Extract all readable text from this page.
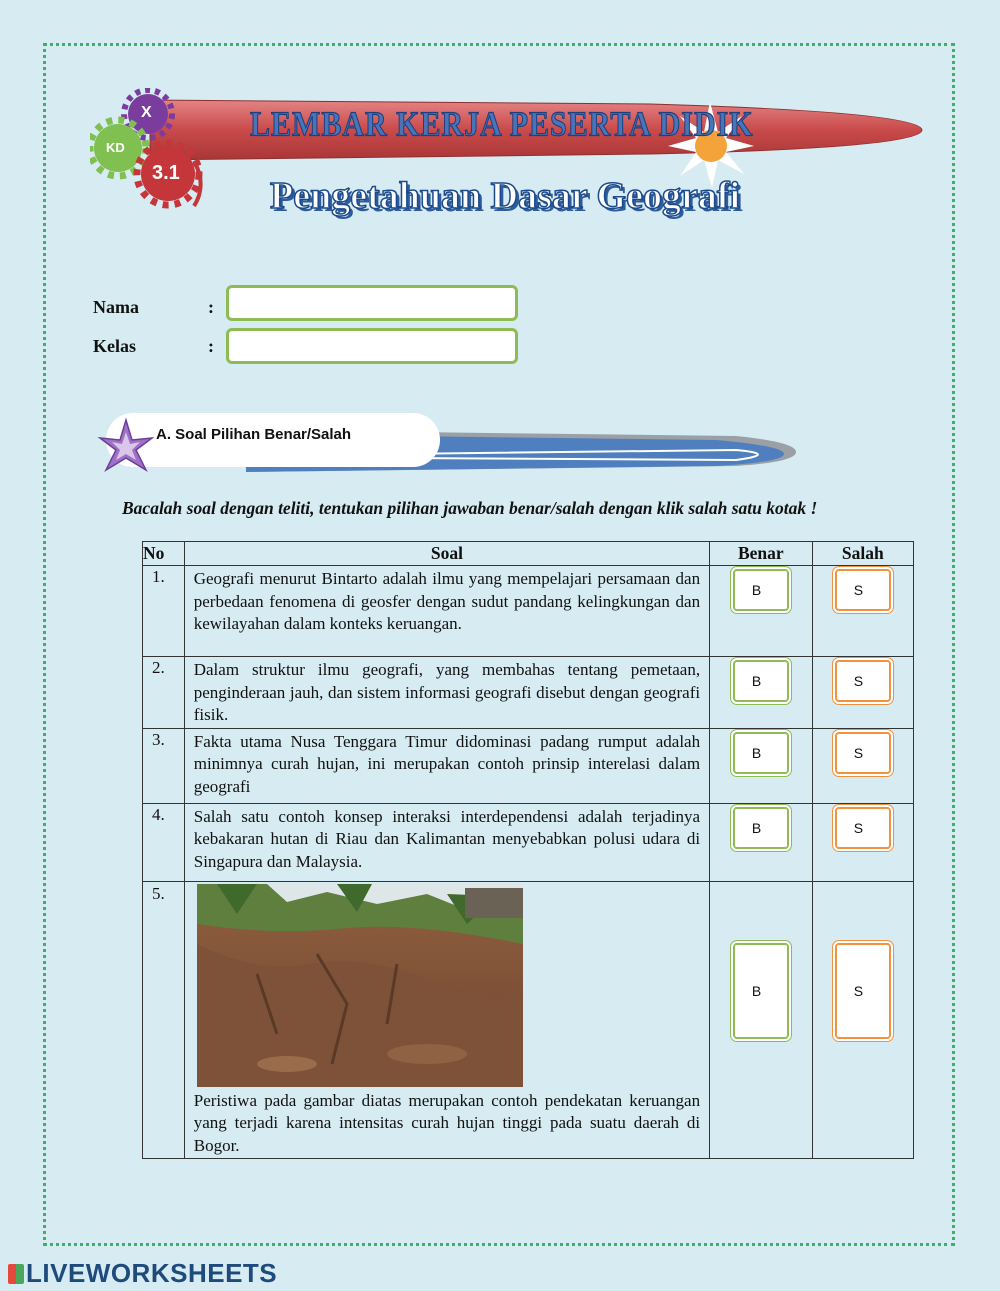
X
KD
3.1
LEMBAR KERJA PESERTA DIDIK
Pengetahuan Dasar Geografi
Nama	:
Kelas	:
A. Soal Pilihan Benar/Salah
Bacalah soal dengan teliti, tentukan pilihan jawaban benar/salah dengan klik salah satu kotak !
No	Soal	Benar	Salah
1.	Geografi menurut Bintarto adalah ilmu yang mempelajari persamaan dan perbedaan fenomena di geosfer dengan sudut pandang kelingkungan dan kewilayahan dalam konteks keruangan.	B	S
2.	Dalam struktur ilmu geografi, yang membahas tentang pemetaan, penginderaan jauh, dan sistem informasi geografi disebut dengan geografi fisik.	B	S
3.	Fakta utama Nusa Tenggara Timur didominasi padang rumput adalah minimnya curah hujan, ini merupakan contoh prinsip interelasi dalam geografi	B	S
4.	Salah satu contoh konsep interaksi interdependensi adalah terjadinya kebakaran hutan di Riau dan Kalimantan menyebabkan polusi udara di Singapura dan Malaysia.	B	S
5.	Peristiwa pada gambar diatas merupakan contoh pendekatan keruangan yang terjadi karena intensitas curah hujan tinggi pada suatu daerah di Bogor.	B	S
LIVEWORKSHEETS
